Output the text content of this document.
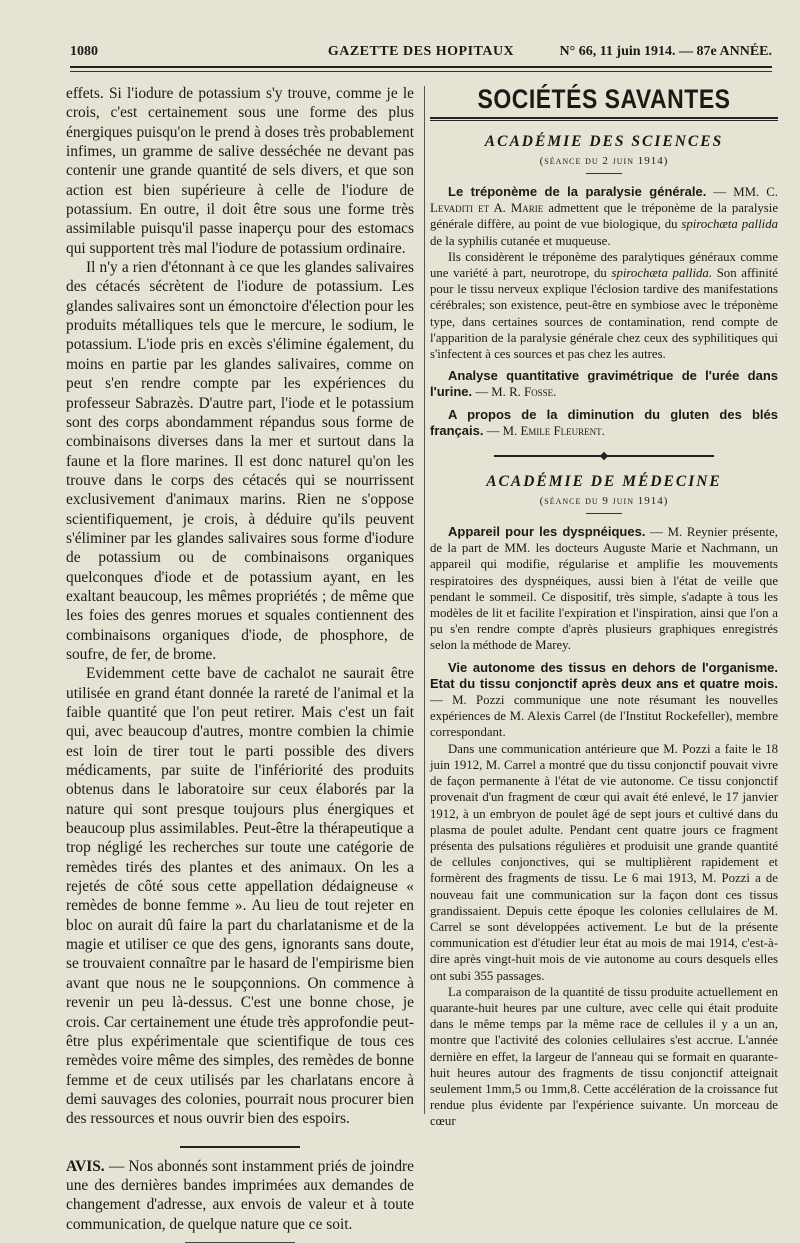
1080	GAZETTE DES HOPITAUX	N° 66, 11 juin 1914. — 87e ANNÉE.

effets. Si l'iodure de potassium s'y trouve, comme je le crois, c'est certainement sous une forme des plus énergiques puisqu'on le prend à doses très probablement infimes, un gramme de salive desséchée ne devant pas contenir une grande quantité de sels divers, et que son action est bien supérieure à celle de l'iodure de potassium. En outre, il doit être sous une forme très assimilable puisqu'il passe inaperçu pour des estomacs qui supportent très mal l'iodure de potassium ordinaire.

Il n'y a rien d'étonnant à ce que les glandes salivaires des cétacés sécrètent de l'iodure de potassium. Les glandes salivaires sont un émonctoire d'élection pour les produits métalliques tels que le mercure, le sodium, le potassium. L'iode pris en excès s'élimine également, du moins en partie par les glandes salivaires, comme on peut s'en rendre compte par les expériences du professeur Sabrazès. D'autre part, l'iode et le potassium sont des corps abondamment répandus sous forme de combinaisons diverses dans la mer et surtout dans la faune et la flore marines. Il est donc naturel qu'on les trouve dans le corps des cétacés qui se nourrissent exclusivement d'animaux marins. Rien ne s'oppose scientifiquement, je crois, à déduire qu'ils peuvent s'éliminer par les glandes salivaires sous forme d'iodure de potassium ou de combinaisons organiques quelconques d'iode et de potassium ayant, en les exaltant beaucoup, les mêmes propriétés ; de même que les foies des genres morues et squales contiennent des combinaisons organiques d'iode, de phosphore, de soufre, de fer, de brome.

Evidemment cette bave de cachalot ne saurait être utilisée en grand étant donnée la rareté de l'animal et la faible quantité que l'on peut retirer. Mais c'est un fait qui, avec beaucoup d'autres, montre combien la chimie est loin de tirer tout le parti possible des divers médicaments, par suite de l'infériorité des produits obtenus dans le laboratoire sur ceux élaborés par la nature qui sont presque toujours plus énergiques et beaucoup plus assimilables. Peut-être la thérapeutique a trop négligé les recherches sur toute une catégorie de remèdes tirés des plantes et des animaux. On les a rejetés de côté sous cette appellation dédaigneuse « remèdes de bonne femme ». Au lieu de tout rejeter en bloc on aurait dû faire la part du charlatanisme et de la magie et utiliser ce que des gens, ignorants sans doute, se trouvaient connaître par le hasard de l'empirisme bien avant que nous ne le soupçonnions. On commence à revenir un peu là-dessus. C'est une bonne chose, je crois. Car certainement une étude très approfondie peut-être plus expérimentale que scientifique de tous ces remèdes voire même des simples, des remèdes de bonne femme et de ceux utilisés par les charlatans encore à demi sauvages des colonies, pourrait nous procurer bien des ressources et nous ouvrir bien des espoirs.

AVIS. — Nos abonnés sont instamment priés de joindre une des dernières bandes imprimées aux demandes de changement d'adresse, aux envois de valeur et à toute communication, de quelque nature que ce soit.

SOCIÉTÉS SAVANTES
ACADÉMIE DES SCIENCES
(séance du 2 juin 1914)

Le tréponème de la paralysie générale. — MM. C. Levaditi et A. Marie admettent que le tréponème de la paralysie générale diffère, au point de vue biologique, du spirochæta pallida de la syphilis cutanée et muqueuse.

Ils considèrent le tréponème des paralytiques généraux comme une variété à part, neurotrope, du spirochæta pallida. Son affinité pour le tissu nerveux explique l'éclosion tardive des manifestations cérébrales; son existence, peut-être en symbiose avec le tréponème type, dans certaines sources de contamination, rend compte de l'apparition de la paralysie générale chez ceux des syphilitiques qui s'infectent à ces sources et pas chez les autres.

Analyse quantitative gravimétrique de l'urée dans l'urine. — M. R. Fosse.

A propos de la diminution du gluten des blés français. — M. Emile Fleurent.

ACADÉMIE DE MÉDECINE
(séance du 9 juin 1914)

Appareil pour les dyspnéiques. — M. Reynier présente, de la part de MM. les docteurs Auguste Marie et Nachmann, un appareil qui modifie, régularise et amplifie les mouvements respiratoires des dyspnéiques, aussi bien à l'état de veille que pendant le sommeil. Ce dispositif, très simple, s'adapte à tous les modèles de lit et facilite l'expiration et l'inspiration, ainsi que l'on a pu s'en rendre compte d'après plusieurs graphiques enregistrés selon la méthode de Marey.

Vie autonome des tissus en dehors de l'organisme. Etat du tissu conjonctif après deux ans et quatre mois. — M. Pozzi communique une note résumant les nouvelles expériences de M. Alexis Carrel (de l'Institut Rockefeller), membre correspondant.

Dans une communication antérieure que M. Pozzi a faite le 18 juin 1912, M. Carrel a montré que du tissu conjonctif pouvait vivre de façon permanente à l'état de vie autonome. Ce tissu conjonctif provenait d'un fragment de cœur qui avait été enlevé, le 17 janvier 1912, à un embryon de poulet âgé de sept jours et cultivé dans du plasma de poulet adulte. Pendant cent quatre jours ce fragment présenta des pulsations régulières et produisit une grande quantité de cellules conjonctives, qui se multiplièrent rapidement et formèrent des fragments de tissu. Le 6 mai 1913, M. Pozzi a de nouveau fait une communication sur la façon dont ces tissus grandissaient. Depuis cette époque les colonies cellulaires de M. Carrel se sont développées activement. Le but de la présente communication est d'étudier leur état au mois de mai 1914, c'est-à-dire après vingt-huit mois de vie autonome au cours desquels elles ont subi 355 passages.

La comparaison de la quantité de tissu produite actuellement en quarante-huit heures par une culture, avec celle qui était produite dans le même temps par la même race de cellules il y a un an, montre que l'activité des colonies cellulaires s'est accrue. L'année dernière en effet, la largeur de l'anneau qui se formait en quarante-huit heures autour des fragments de tissu conjonctif atteignait seulement 1mm,5 ou 1mm,8. Cette accélération de la croissance fut rendue plus évidente par l'expérience suivante. Un morceau de cœur
